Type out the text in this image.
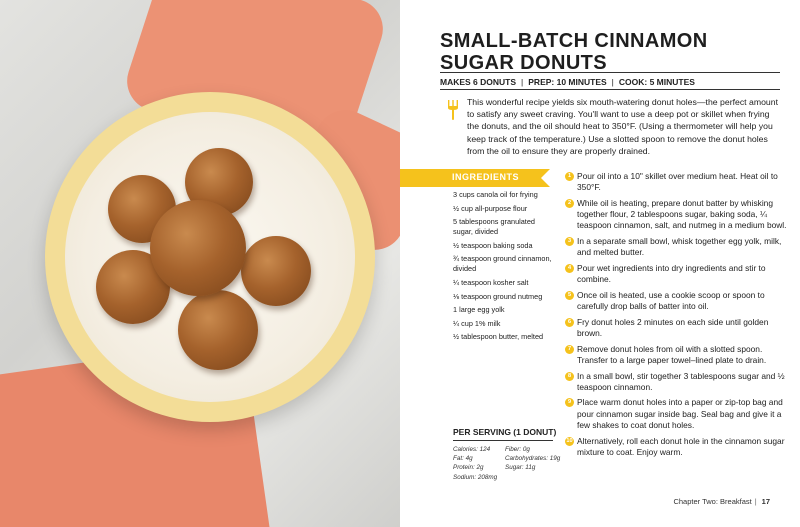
SMALL-BATCH CINNAMON
SUGAR DONUTS
MAKES 6 DONUTS | PREP: 10 MINUTES | COOK: 5 MINUTES
This wonderful recipe yields six mouth-watering donut holes—the perfect amount to satisfy any sweet craving. You'll want to use a deep pot or skillet when frying the donuts, and the oil should heat to 350°F. (Using a thermometer will help you keep track of the temperature.) Use a slotted spoon to remove the donut holes from the oil to ensure they are properly drained.
INGREDIENTS
3 cups canola oil for frying
½ cup all-purpose flour
5 tablespoons granulated sugar, divided
½ teaspoon baking soda
¾ teaspoon ground cinnamon, divided
¼ teaspoon kosher salt
⅛ teaspoon ground nutmeg
1 large egg yolk
¼ cup 1% milk
½ tablespoon butter, melted
1 Pour oil into a 10" skillet over medium heat. Heat oil to 350°F.
2 While oil is heating, prepare donut batter by whisking together flour, 2 tablespoons sugar, baking soda, ¼ teaspoon cinnamon, salt, and nutmeg in a medium bowl.
3 In a separate small bowl, whisk together egg yolk, milk, and melted butter.
4 Pour wet ingredients into dry ingredients and stir to combine.
5 Once oil is heated, use a cookie scoop or spoon to carefully drop balls of batter into oil.
6 Fry donut holes 2 minutes on each side until golden brown.
7 Remove donut holes from oil with a slotted spoon. Transfer to a large paper towel–lined plate to drain.
8 In a small bowl, stir together 3 tablespoons sugar and ½ teaspoon cinnamon.
9 Place warm donut holes into a paper or zip-top bag and pour cinnamon sugar inside bag. Seal bag and give it a few shakes to coat donut holes.
10 Alternatively, roll each donut hole in the cinnamon sugar mixture to coat. Enjoy warm.
PER SERVING (1 DONUT)
Calories: 124
Fat: 4g
Protein: 2g
Sodium: 208mg
Fiber: 0g
Carbohydrates: 19g
Sugar: 11g
Chapter Two: Breakfast | 17
